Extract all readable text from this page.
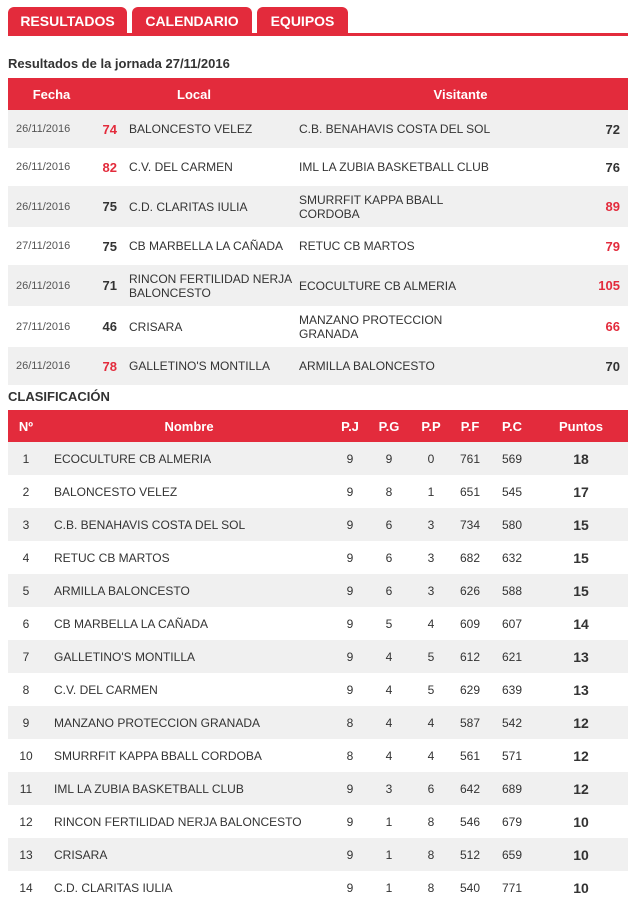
RESULTADOS	CALENDARIO	EQUIPOS
Resultados de la jornada 27/11/2016
Fecha	Local		Visitante	
26/11/2016	74	BALONCESTO VELEZ	C.B. BENAHAVIS COSTA DEL SOL	72
26/11/2016	82	C.V. DEL CARMEN	IML LA ZUBIA BASKETBALL CLUB	76
26/11/2016	75	C.D. CLARITAS IULIA	SMURRFIT KAPPA BBALL CORDOBA	89
27/11/2016	75	CB MARBELLA LA CAÑADA	RETUC CB MARTOS	79
26/11/2016	71	RINCON FERTILIDAD NERJA BALONCESTO	ECOCULTURE CB ALMERIA	105
27/11/2016	46	CRISARA	MANZANO PROTECCION GRANADA	66
26/11/2016	78	GALLETINO'S MONTILLA	ARMILLA BALONCESTO	70
CLASIFICACIÓN
Nº	Nombre	P.J	P.G	P.P	P.F	P.C	Puntos
1	ECOCULTURE CB ALMERIA	9	9	0	761	569	18
2	BALONCESTO VELEZ	9	8	1	651	545	17
3	C.B. BENAHAVIS COSTA DEL SOL	9	6	3	734	580	15
4	RETUC CB MARTOS	9	6	3	682	632	15
5	ARMILLA BALONCESTO	9	6	3	626	588	15
6	CB MARBELLA LA CAÑADA	9	5	4	609	607	14
7	GALLETINO'S MONTILLA	9	4	5	612	621	13
8	C.V. DEL CARMEN	9	4	5	629	639	13
9	MANZANO PROTECCION GRANADA	8	4	4	587	542	12
10	SMURRFIT KAPPA BBALL CORDOBA	8	4	4	561	571	12
11	IML LA ZUBIA BASKETBALL CLUB	9	3	6	642	689	12
12	RINCON FERTILIDAD NERJA BALONCESTO	9	1	8	546	679	10
13	CRISARA	9	1	8	512	659	10
14	C.D. CLARITAS IULIA	9	1	8	540	771	10
